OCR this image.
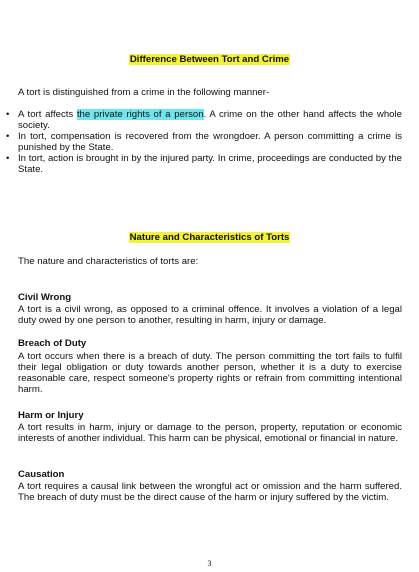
Difference Between Tort and Crime
A tort is distinguished from a crime in the following manner-
• A tort affects the private rights of a person. A crime on the other hand affects the whole society.
• In tort, compensation is recovered from the wrongdoer. A person committing a crime is punished by the State.
• In tort, action is brought in by the injured party. In crime, proceedings are conducted by the State.
Nature and Characteristics of Torts
The nature and characteristics of torts are:
Civil Wrong
A tort is a civil wrong, as opposed to a criminal offence. It involves a violation of a legal duty owed by one person to another, resulting in harm, injury or damage.
Breach of Duty
A tort occurs when there is a breach of duty. The person committing the tort fails to fulfil their legal obligation or duty towards another person, whether it is a duty to exercise reasonable care, respect someone's property rights or refrain from committing intentional harm.
Harm or Injury
A tort results in harm, injury or damage to the person, property, reputation or economic interests of another individual. This harm can be physical, emotional or financial in nature.
Causation
A tort requires a causal link between the wrongful act or omission and the harm suffered. The breach of duty must be the direct cause of the harm or injury suffered by the victim.
3
